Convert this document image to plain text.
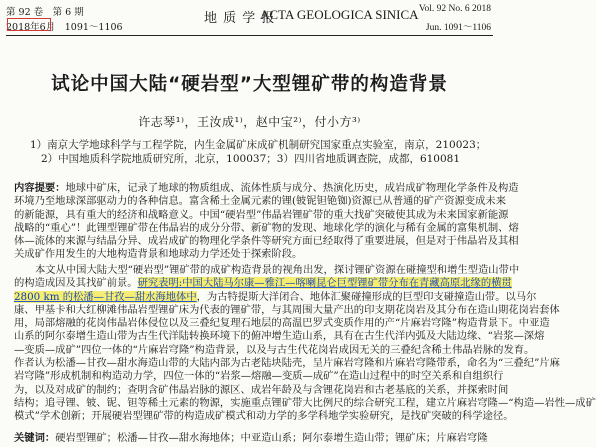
第 92 卷　第 6 期
2018年6月　 1091～1106
地 质 学 报
ACTA GEOLOGICA SINICA Vol. 92 No. 6 2018
Jun. 1091～1106
试论中国大陆“硬岩型”大型锂矿带的构造背景
许志琴¹⁾，王汝成¹⁾，赵中宝²⁾，付小方³⁾
1）南京大学地球科学与工程学院，内生金属矿床成矿机制研究国家重点实验室，南京，210023；
2）中国地质科学院地质研究所，北京，100037；3）四川省地质调查院，成都，610081
内容提要：地球中矿床，记录了地球的物质组成、流体性质与成分、热演化历史，成岩成矿物理化学条件及构造
环境乃至地球深部驱动力的各种信息。富含稀土金属元素的锂(铍铌钽铯铷)资源已从普通的矿产资源变成未来
的新能源，具有重大的经济和战略意义。中国“硬岩型”伟晶岩锂矿带的重大找矿突破使其成为未来国家新能源
战略的“重心”！此锂型锂矿带在伟晶岩的成分分带、新矿物的发现、地球化学的演化与稀有金属的富集机制、熔
体—流体的来源与结晶分异、成岩成矿的物理化学条件等研究方面已经取得了重要进展，但是对于伟晶岩及其相
关成矿作用发生的大地构造背景和地球动力学还处于探索阶段。
本文从中国大陆大型“硬岩型”锂矿带的成矿构造背景的视角出发，探讨锂矿资源在碰撞型和增生型造山带中
的构造成因及其找矿前景。研究表明:中国大陆马尔康—雅江—喀喇昆仑巨型锂矿带分布在青藏高原北缘的横贯
2800 km 的松潘—甘孜—甜水海地体中，为古特提斯大洋闭合、地体汇聚碰撞形成的巨型印支碰撞造山带。以马尔
康、甲基卡和大红柳滩伟晶岩型锂矿床为代表的锂矿带，与其周围大量产出的印支期花岗岩及其分布在造山期花岗岩套体
用，局部熔融的花岗伟晶岩体侵位以及三叠纪复理石地层的高温巴罗式变质作用的产“片麻岩穹隆”构造背景下。中亚造
山系的阿尔泰增生造山带为古生代洋陆转换环境下的俯冲增生造山系，具有在古生代洋内弧及大陆边缘、“岩浆—深熔
—变质—成矿”四位一体的“片麻岩穹隆”构造背景，以及与古生代花岗岩成因无关的三叠纪含稀土伟晶岩脉的发育。
作者认为松潘—甘孜—甜水海造山带的大陆内部为古老陆块陆壳，呈片麻岩穹隆和片麻岩穹隆带系，命名为“三叠纪”片麻
岩穹隆”形成机制和构造动力学，四位一体的“岩浆—熔融—变质—成矿”在造山过程中的时空关系和自组织行
为，以及对成矿的制约；查明含矿伟晶岩脉的源区、成岩年龄及与含锂花岗岩和古老基底的关系，并探索时间
结构；追寻锂、铍、铌、钽等稀土元素的物源，实施重点锂矿带大比例尺的综合研究工程，建立片麻岩穹隆—“构造—岩性—成矿
模式”学术创新；开展硬岩型锂矿带的构造成矿模式和动力学的多学科地学实验研究，是找矿突破的科学途径。
关键词：硬岩型锂矿；松潘—甘孜—甜水海地体；中亚造山系；阿尔泰增生造山带；锂矿床；片麻岩穹隆
